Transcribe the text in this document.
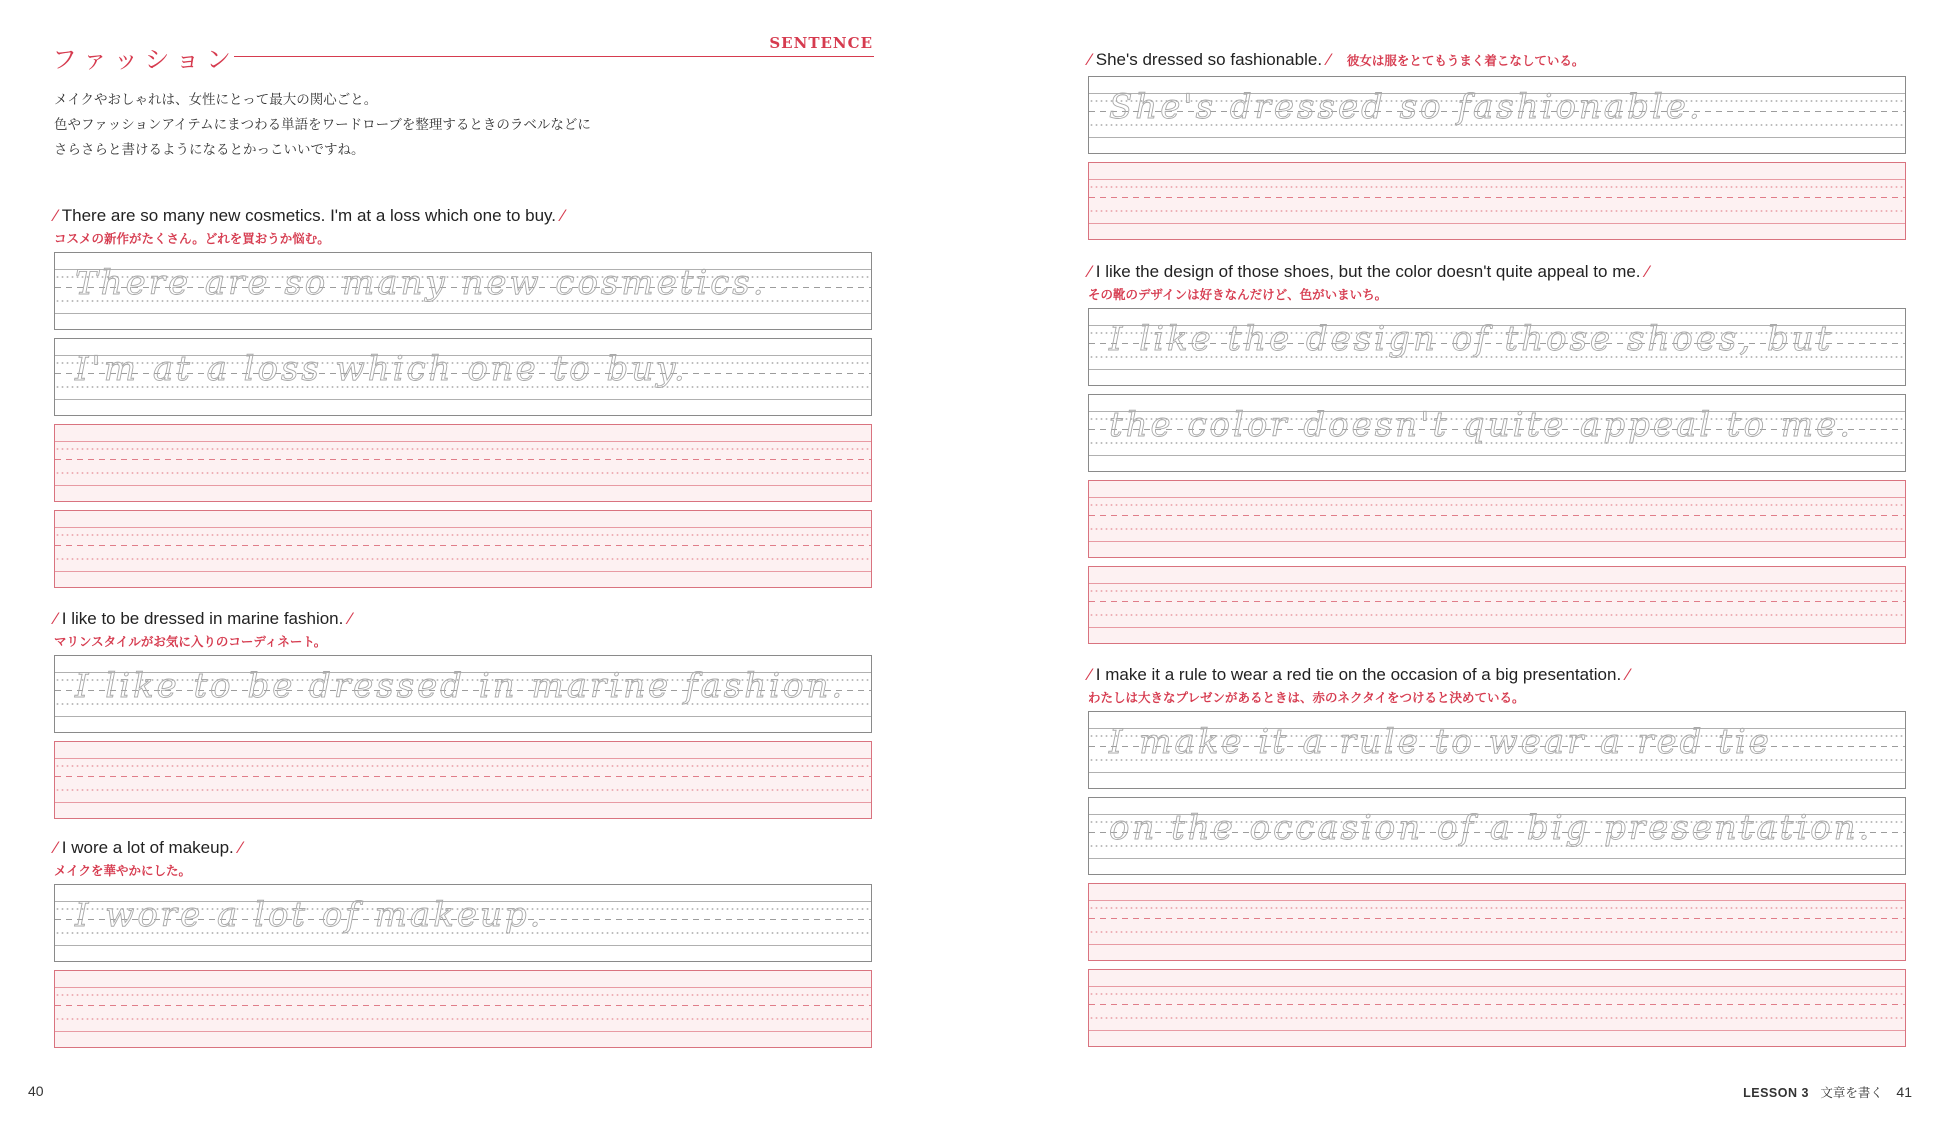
ファッション
SENTENCE
メイクやおしゃれは、女性にとって最大の関心ごと。
色やファッションアイテムにまつわる単語をワードローブを整理するときのラベルなどに
さらさらと書けるようになるとかっこいいですね。
⁄ There are so many new cosmetics. I'm at a loss which one to buy. ⁄
コスメの新作がたくさん。どれを買おうか悩む。
There are so many new cosmetics.
I'm at a loss which one to buy.
⁄ I like to be dressed in marine fashion. ⁄
マリンスタイルがお気に入りのコーディネート。
I like to be dressed in marine fashion.
⁄ I wore a lot of makeup. ⁄
メイクを華やかにした。
I wore a lot of makeup.
40
⁄ She's dressed so fashionable. ⁄ 彼女は服をとてもうまく着こなしている。
She's dressed so fashionable.
⁄ I like the design of those shoes, but the color doesn't quite appeal to me. ⁄
その靴のデザインは好きなんだけど、色がいまいち。
I like the design of those shoes, but
the color doesn't quite appeal to me.
⁄ I make it a rule to wear a red tie on the occasion of a big presentation. ⁄
わたしは大きなプレゼンがあるときは、赤のネクタイをつけると決めている。
I make it a rule to wear a red tie
on the occasion of a big presentation.
LESSON 3 文章を書く 41
